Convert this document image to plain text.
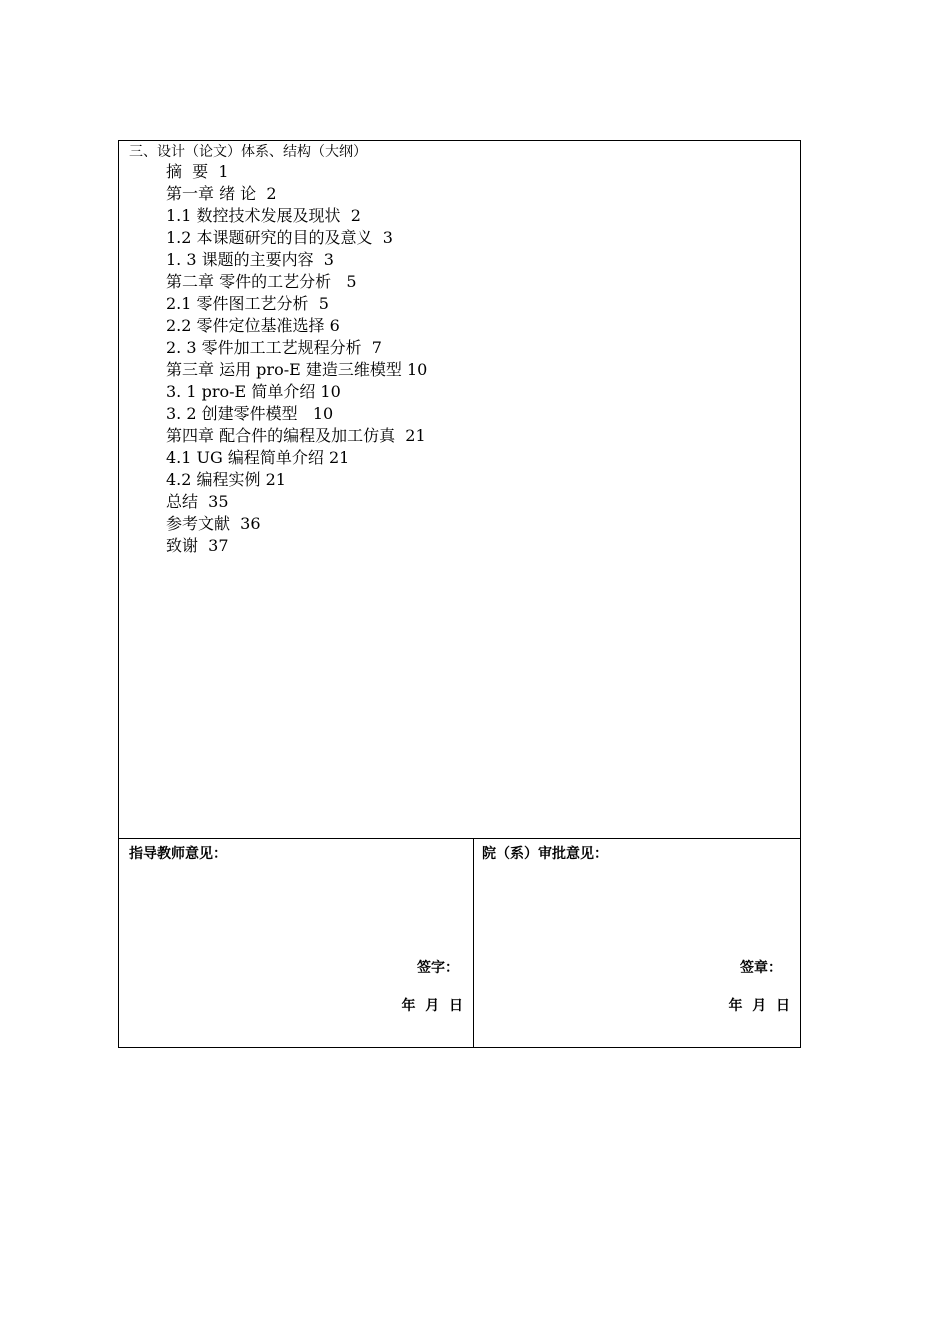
三、设计（论文）体系、结构（大纲）
摘  要  1
第一章 绪 论  2
1.1 数控技术发展及现状  2
1.2 本课题研究的目的及意义  3
1. 3 课题的主要内容  3
第二章 零件的工艺分析   5
2.1 零件图工艺分析  5
2.2 零件定位基准选择 6
2. 3 零件加工工艺规程分析  7
第三章 运用 pro-E 建造三维模型 10
3. 1 pro-E 简单介绍 10
3. 2 创建零件模型   10
第四章 配合件的编程及加工仿真  21
4.1 UG 编程简单介绍 21
4.2 编程实例 21
总结  35
参考文献  36
致谢  37
指导教师意见：
签字：
年  月  日
院（系）审批意见：
签章：
年  月  日
